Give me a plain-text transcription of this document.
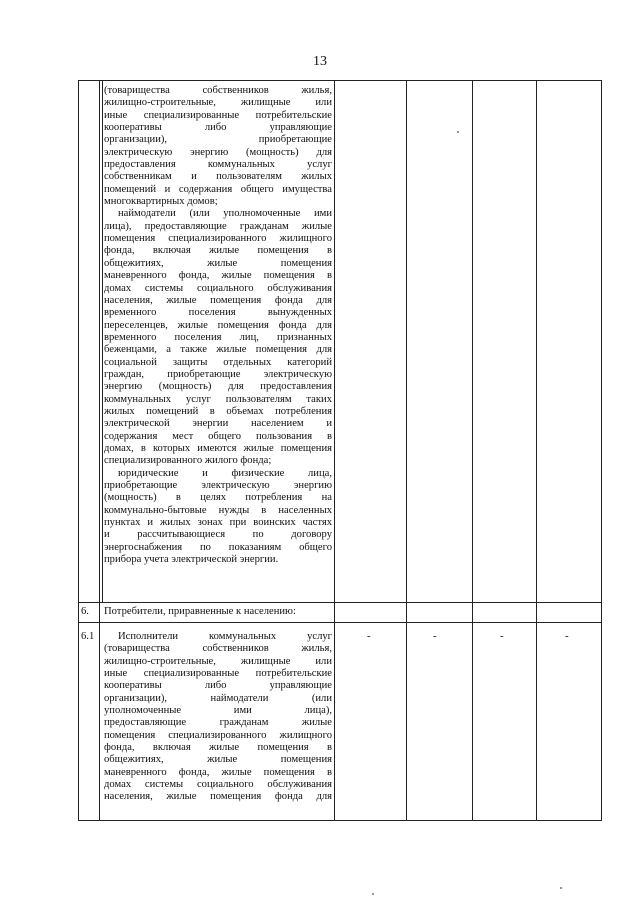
13
(товарищества собственников жилья,
жилищно-строительные, жилищные или
иные специализированные потребительские
кооперативы либо управляющие
организации), приобретающие
электрическую энергию (мощность) для
предоставления коммунальных услуг
собственникам и пользователям жилых
помещений и содержания общего имущества
многоквартирных домов;
наймодатели (или уполномоченные ими
лица), предоставляющие гражданам жилые
помещения специализированного жилищного
фонда, включая жилые помещения в
общежитиях, жилые помещения
маневренного фонда, жилые помещения в
домах системы социального обслуживания
населения, жилые помещения фонда для
временного поселения вынужденных
переселенцев, жилые помещения фонда для
временного поселения лиц, признанных
беженцами, а также жилые помещения для
социальной защиты отдельных категорий
граждан, приобретающие электрическую
энергию (мощность) для предоставления
коммунальных услуг пользователям таких
жилых помещений в объемах потребления
электрической энергии населением и
содержания мест общего пользования в
домах, в которых имеются жилые помещения
специализированного жилого фонда;
юридические и физические лица,
приобретающие электрическую энергию
(мощность) в целях потребления на
коммунально-бытовые нужды в населенных
пунктах и жилых зонах при воинских частях
и рассчитывающиеся по договору
энергоснабжения по показаниям общего
прибора учета электрической энергии.
6. Потребители, приравненные к населению:
6.1	Исполнители коммунальных услуг
(товарищества собственников жилья,
жилищно-строительные, жилищные или
иные специализированные потребительские
кооперативы либо управляющие
организации), наймодатели (или
уполномоченные ими лица),
предоставляющие гражданам жилые
помещения специализированного жилищного
фонда, включая жилые помещения в
общежитиях, жилые помещения
маневренного фонда, жилые помещения в
домах системы социального обслуживания
населения, жилые помещения фонда для
-	-	-	-
